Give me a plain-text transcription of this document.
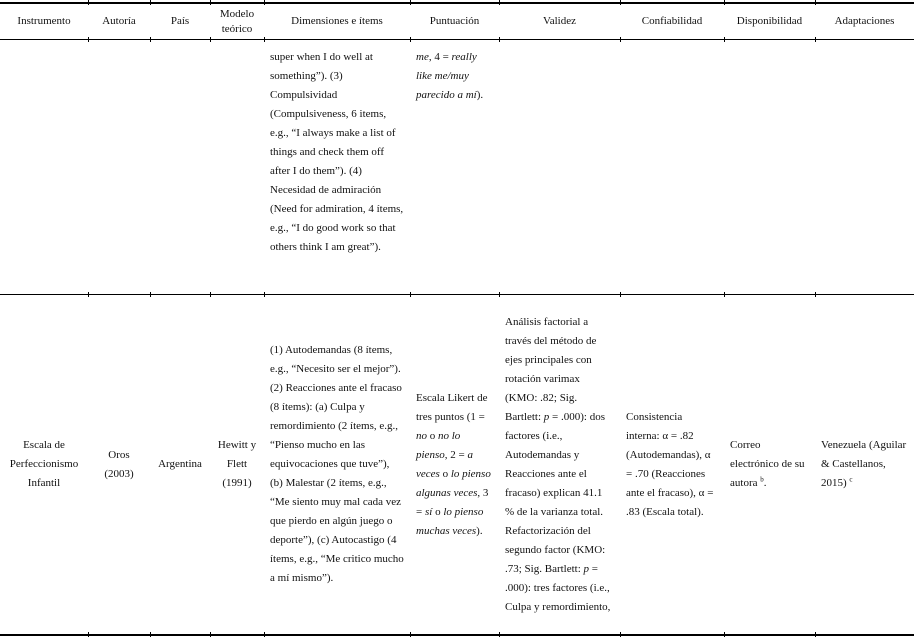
Instrumento	Autoría	País	Modelo teórico	Dimensiones e ítems	Puntuación	Validez	Confiabilidad	Disponibilidad	Adaptaciones
				super when I do well at something”). (3) Compulsividad (Compulsiveness, 6 items, e.g., “I always make a list of things and check them off after I do them”). (4) Necesidad de admiración (Need for admiration, 4 ítems, e.g., “I do good work so that others think I am great”).	me, 4 = really like me/muy parecido a mí).				
Escala de Perfeccionismo Infantil	Oros (2003)	Argentina	Hewitt y Flett (1991)	(1) Autodemandas (8 ítems, e.g., “Necesito ser el mejor”). (2) Reacciones ante el fracaso (8 ítems): (a) Culpa y remordimiento (2 ítems, e.g., “Pienso mucho en las equivocaciones que tuve”), (b) Malestar (2 ítems, e.g., “Me siento muy mal cada vez que pierdo en algún juego o deporte”), (c) Autocastigo (4 ítems, e.g., “Me critico mucho a mí mismo”).	Escala Likert de tres puntos (1 = no o no lo pienso, 2 = a veces o lo pienso algunas veces, 3 = sí o lo pienso muchas veces).	Análisis factorial a través del método de ejes principales con rotación varimax (KMO: .82; Sig. Bartlett: p = .000): dos factores (i.e., Autodemandas y Reacciones ante el fracaso) explican 41.1 % de la varianza total. Refactorización del segundo factor (KMO: .73; Sig. Bartlett: p = .000): tres factores (i.e., Culpa y remordimiento,	Consistencia interna: α = .82 (Autodemandas), α = .70 (Reacciones ante el fracaso), α = .83 (Escala total).	Correo electrónico de su autora $^b$.	Venezuela (Aguilar & Castellanos, 2015) $^c$
